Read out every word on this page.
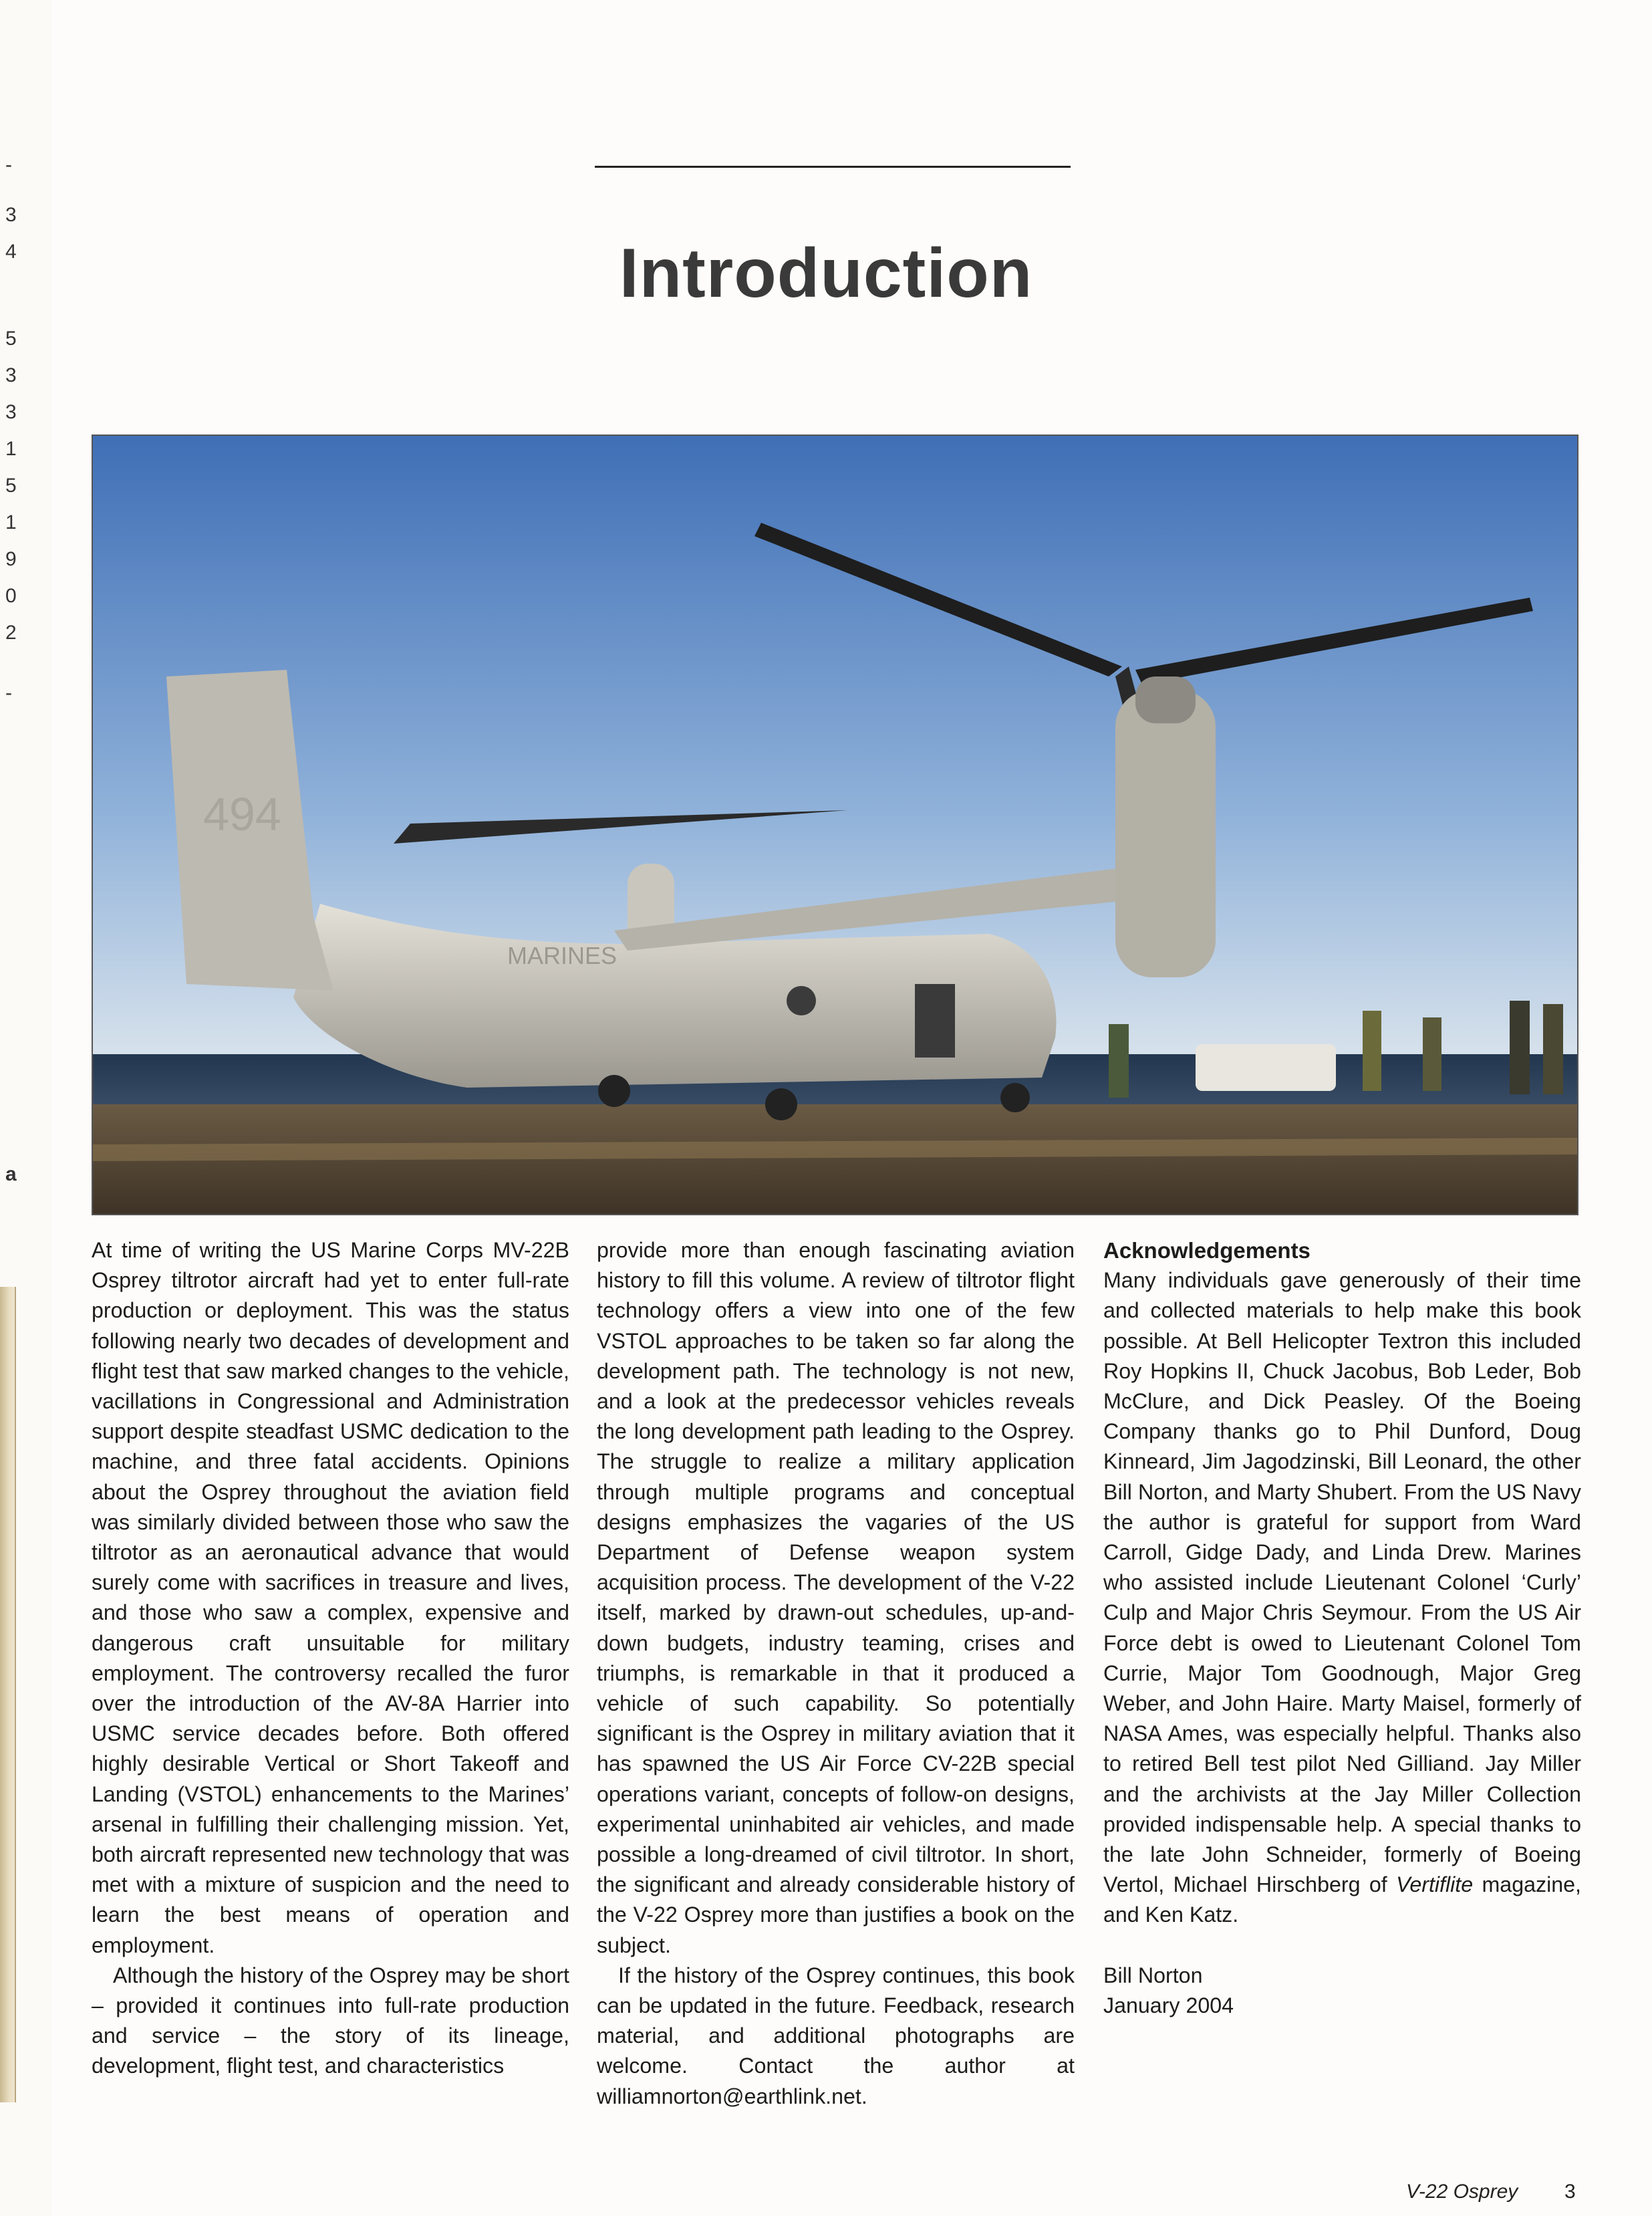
-
3
4
5
3
3
1
5
1
9
0
2
-
a
Introduction
494
MARINES

At time of writing the US Marine Corps MV-22B Osprey tiltrotor aircraft had yet to enter full-rate production or deployment. This was the status following nearly two decades of development and flight test that saw marked changes to the vehicle, vacillations in Congressional and Administration support despite steadfast USMC dedication to the machine, and three fatal accidents. Opinions about the Osprey throughout the aviation field was similarly divided between those who saw the tiltrotor as an aeronautical advance that would surely come with sacrifices in treasure and lives, and those who saw a complex, expensive and dangerous craft unsuitable for military employment. The controversy recalled the furor over the introduction of the AV-8A Harrier into USMC service decades before. Both offered highly desirable Vertical or Short Takeoff and Landing (VSTOL) enhancements to the Marines’ arsenal in fulfilling their challenging mission. Yet, both aircraft represented new technology that was met with a mixture of suspicion and the need to learn the best means of operation and employment.

Although the history of the Osprey may be short – provided it continues into full-rate production and service – the story of its lineage, development, flight test, and characteristics

provide more than enough fascinating aviation history to fill this volume. A review of tiltrotor flight technology offers a view into one of the few VSTOL approaches to be taken so far along the development path. The technology is not new, and a look at the predecessor vehicles reveals the long development path leading to the Osprey. The struggle to realize a military application through multiple programs and conceptual designs emphasizes the vagaries of the US Department of Defense weapon system acquisition process. The development of the V-22 itself, marked by drawn-out schedules, up-and-down budgets, industry teaming, crises and triumphs, is remarkable in that it produced a vehicle of such capability. So potentially significant is the Osprey in military aviation that it has spawned the US Air Force CV-22B special operations variant, concepts of follow-on designs, experimental uninhabited air vehicles, and made possible a long-dreamed of civil tiltrotor. In short, the significant and already considerable history of the V-22 Osprey more than justifies a book on the subject.

If the history of the Osprey continues, this book can be updated in the future. Feedback, research material, and additional photographs are welcome. Contact the author at williamnorton@earthlink.net.

Acknowledgements

Many individuals gave generously of their time and collected materials to help make this book possible. At Bell Helicopter Textron this included Roy Hopkins II, Chuck Jacobus, Bob Leder, Bob McClure, and Dick Peasley. Of the Boeing Company thanks go to Phil Dunford, Doug Kinneard, Jim Jagodzinski, Bill Leonard, the other Bill Norton, and Marty Shubert. From the US Navy the author is grateful for support from Ward Carroll, Gidge Dady, and Linda Drew. Marines who assisted include Lieutenant Colonel ‘Curly’ Culp and Major Chris Seymour. From the US Air Force debt is owed to Lieutenant Colonel Tom Currie, Major Tom Goodnough, Major Greg Weber, and John Haire. Marty Maisel, formerly of NASA Ames, was especially helpful. Thanks also to retired Bell test pilot Ned Gilliand. Jay Miller and the archivists at the Jay Miller Collection provided indispensable help. A special thanks to the late John Schneider, formerly of Boeing Vertol, Michael Hirschberg of Vertiflite magazine, and Ken Katz.

Bill Norton

January 2004

V-22 Osprey 3
